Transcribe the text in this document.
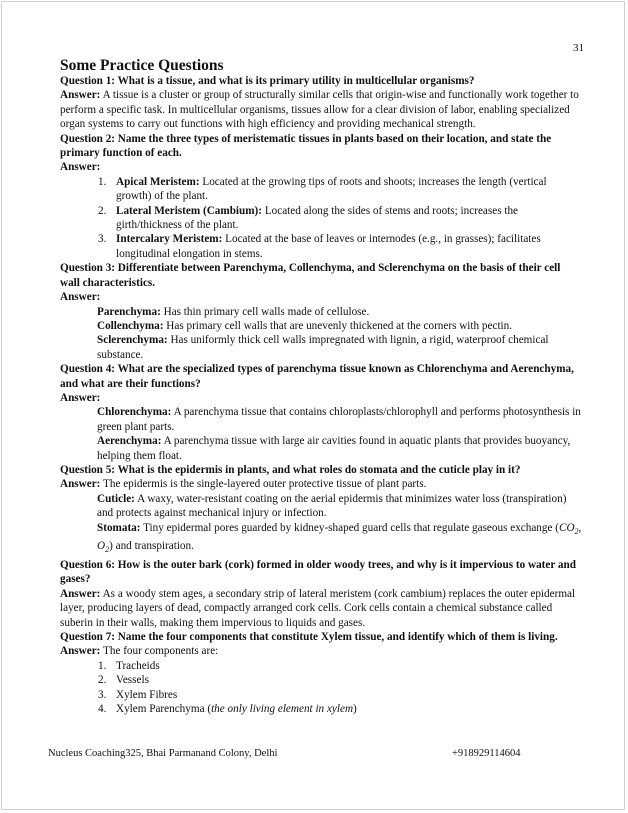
31
Some Practice Questions

Question 1: What is a tissue, and what is its primary utility in multicellular organisms?

Answer: A tissue is a cluster or group of structurally similar cells that origin-wise and functionally work together to perform a specific task. In multicellular organisms, tissues allow for a clear division of labor, enabling specialized organ systems to carry out functions with high efficiency and providing mechanical strength.

Question 2: Name the three types of meristematic tissues in plants based on their location, and state the primary function of each.

Answer:

1. Apical Meristem: Located at the growing tips of roots and shoots; increases the length (vertical growth) of the plant.
2. Lateral Meristem (Cambium): Located along the sides of stems and roots; increases the girth/thickness of the plant.
3. Intercalary Meristem: Located at the base of leaves or internodes (e.g., in grasses); facilitates longitudinal elongation in stems.

Question 3: Differentiate between Parenchyma, Collenchyma, and Sclerenchyma on the basis of their cell wall characteristics.

Answer:

Parenchyma: Has thin primary cell walls made of cellulose.

Collenchyma: Has primary cell walls that are unevenly thickened at the corners with pectin.

Sclerenchyma: Has uniformly thick cell walls impregnated with lignin, a rigid, waterproof chemical substance.

Question 4: What are the specialized types of parenchyma tissue known as Chlorenchyma and Aerenchyma, and what are their functions?

Answer:

Chlorenchyma: A parenchyma tissue that contains chloroplasts/chlorophyll and performs photosynthesis in green plant parts.

Aerenchyma: A parenchyma tissue with large air cavities found in aquatic plants that provides buoyancy, helping them float.

Question 5: What is the epidermis in plants, and what roles do stomata and the cuticle play in it?

Answer: The epidermis is the single-layered outer protective tissue of plant parts.

Cuticle: A waxy, water-resistant coating on the aerial epidermis that minimizes water loss (transpiration) and protects against mechanical injury or infection.

Stomata: Tiny epidermal pores guarded by kidney-shaped guard cells that regulate gaseous exchange ($CO_2$, $O_2$) and transpiration.

Question 6: How is the outer bark (cork) formed in older woody trees, and why is it impervious to water and gases?

Answer: As a woody stem ages, a secondary strip of lateral meristem (cork cambium) replaces the outer epidermal layer, producing layers of dead, compactly arranged cork cells. Cork cells contain a chemical substance called suberin in their walls, making them impervious to liquids and gases.

Question 7: Name the four components that constitute Xylem tissue, and identify which of them is living.

Answer: The four components are:

1. Tracheids
2. Vessels
3. Xylem Fibres
4. Xylem Parenchyma (the only living element in xylem)
Nucleus Coaching325, Bhai Parmanand Colony, Delhi	+918929114604
